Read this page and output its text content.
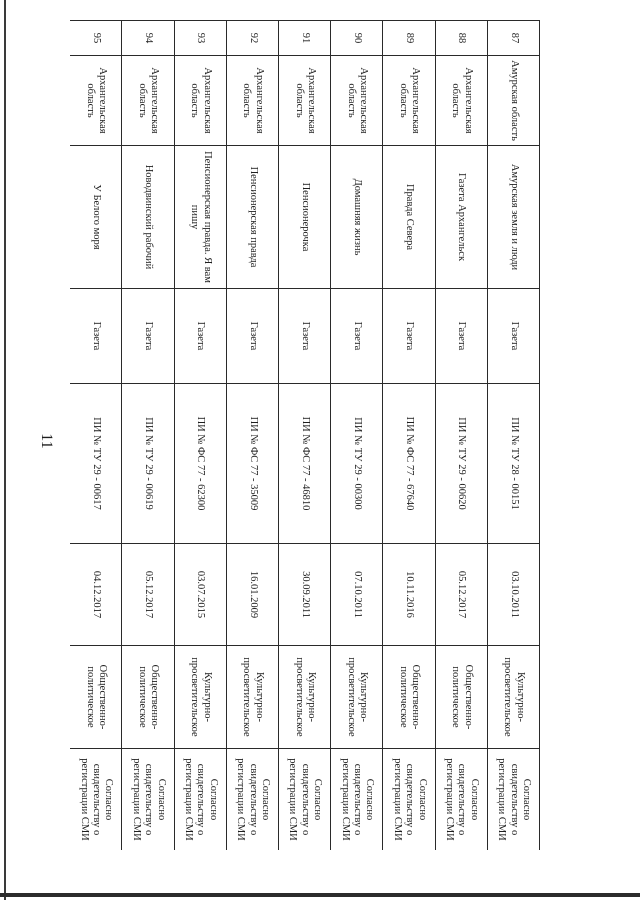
11
87	Амурская область	Амурская земля и люди	Газета	ПИ № ТУ 28 - 00151	03.10.2011	Культурно-просветительское	Согласно свидетельству о регистрации СМИ
88	Архангельская область	Газета Архангельск	Газета	ПИ № ТУ 29 - 00620	05.12.2017	Общественно-политическое	Согласно свидетельству о регистрации СМИ
89	Архангельская область	Правда Севера	Газета	ПИ № ФС 77 - 67640	10.11.2016	Общественно-политическое	Согласно свидетельству о регистрации СМИ
90	Архангельская область	Домашняя жизнь	Газета	ПИ № ТУ 29 - 00300	07.10.2011	Культурно-просветительское	Согласно свидетельству о регистрации СМИ
91	Архангельская область	Пенсионерочка	Газета	ПИ № ФС 77 - 46810	30.09.2011	Культурно-просветительское	Согласно свидетельству о регистрации СМИ
92	Архангельская область	Пенсионерская правда	Газета	ПИ № ФС 77 - 35009	16.01.2009	Культурно-просветительское	Согласно свидетельству о регистрации СМИ
93	Архангельская область	Пенсионерская правда. Я вам пишу	Газета	ПИ № ФС 77 - 62300	03.07.2015	Культурно-просветительское	Согласно свидетельству о регистрации СМИ
94	Архангельская область	Новодвинский рабочий	Газета	ПИ № ТУ 29 - 00619	05.12.2017	Общественно-политическое	Согласно свидетельству о регистрации СМИ
95	Архангельская область	У Белого моря	Газета	ПИ № ТУ 29 - 00617	04.12.2017	Общественно-политическое	Согласно свидетельству о регистрации СМИ
